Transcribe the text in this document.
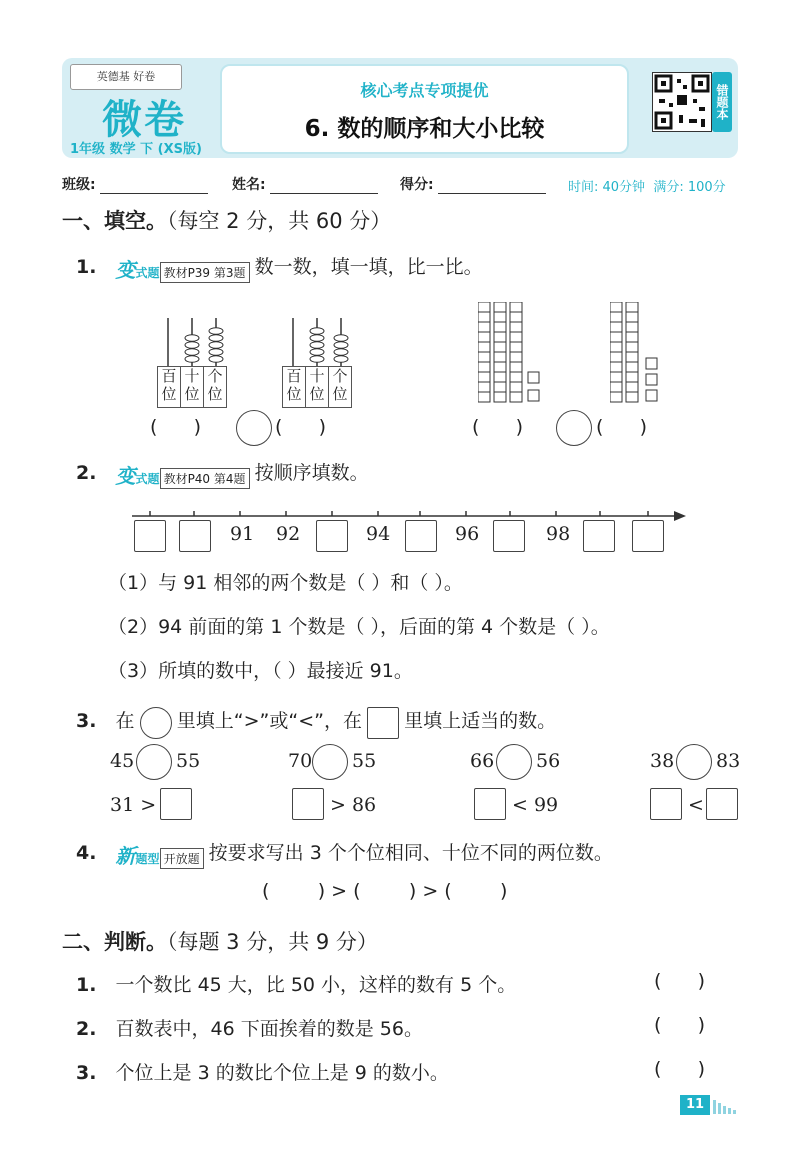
英德基 好卷
微卷
1年级 数学 下 (XS版)
核心考点专项提优
6. 数的顺序和大小比较
错题本
班级:	姓名:	得分:	时间: 40分钟 满分: 100分
一、填空。（每空 2 分，共 60 分）
1. 变式题 教材P39 第3题 数一数，填一填，比一比。
百位
十位
个位
百位
十位
个位
(      )	(      )	(      )	(      )
2. 变式题 教材P40 第4题 按顺序填数。
91 92	94	96	98
（1）与 91 相邻的两个数是（ ）和（ ）。
（2）94 前面的第 1 个数是（ ），后面的第 4 个数是（ ）。
（3）所填的数中，（ ）最接近 91。
3. 在 里填上“>”或“<”，在 里填上适当的数。
45 55	70 55	66 56	38 83
31 >	> 86	< 99	<
4. 新题型 开放题 按要求写出 3 个个位相同、十位不同的两位数。
(        ) > (        ) > (        )
二、判断。（每题 3 分，共 9 分）
1. 一个数比 45 大，比 50 小，这样的数有 5 个。	(      )
2. 百数表中，46 下面挨着的数是 56。	(      )
3. 个位上是 3 的数比个位上是 9 的数小。	(      )
11
